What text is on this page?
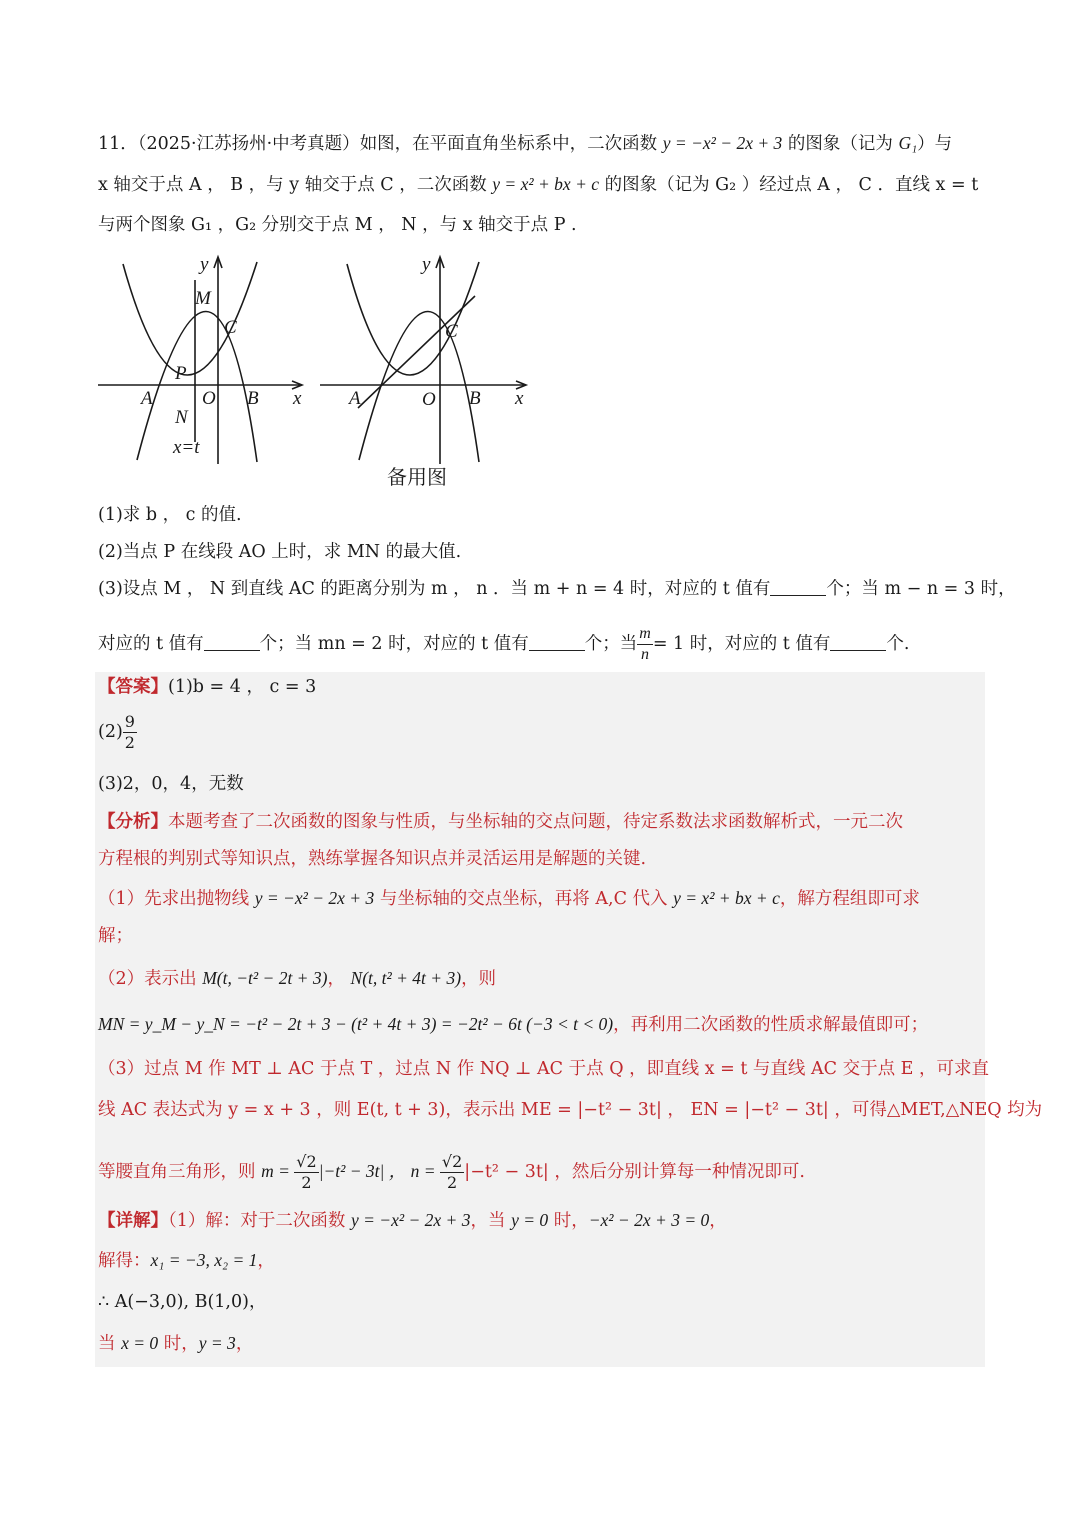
11．（2025·江苏扬州·中考真题）如图，在平面直角坐标系中，二次函数 y = −x² − 2x + 3 的图象（记为 G₁）与
x 轴交于点 A ， B ，与 y 轴交于点 C ，二次函数 y = x² + bx + c 的图象（记为 G₂ ）经过点 A ， C ．直线 x = t
与两个图象 G₁ ，G₂ 分别交于点 M ， N ，与 x 轴交于点 P .
y
x
M
C
P
A	O B
N
x=t
y
x
C
A	O B
备用图
(1)求 b ， c 的值.
(2)当点 P 在线段 AO 上时，求 MN 的最大值.
(3)设点 M ， N 到直线 AC 的距离分别为 m ， n ．当 m + n = 4 时，对应的 t 值有	个；当 m − n = 3 时，
对应的 t 值有	个；当 mn = 2 时，对应的 t 值有	个；当 $\frac{m}{n} = 1$ 时，对应的 t 值有	个.
【答案】(1)b = 4 ， c = 3
$(2) \frac{9}{2}$
(3)2，0，4，无数
【分析】本题考查了二次函数的图象与性质，与坐标轴的交点问题，待定系数法求函数解析式，一元二次
方程根的判别式等知识点，熟练掌握各知识点并灵活运用是解题的关键.
（1）先求出抛物线 y = −x² − 2x + 3 与坐标轴的交点坐标，再将 A,C 代入 y = x² + bx + c，解方程组即可求
解；
（2）表示出 M(t, −t² − 2t + 3)， N(t, t² + 4t + 3)，则
MN = y_M − y_N = −t² − 2t + 3 − (t² + 4t + 3) = −2t² − 6t (−3 < t < 0)，再利用二次函数的性质求解最值即可；
（3）过点 M 作 MT ⊥ AC 于点 T ，过点 N 作 NQ ⊥ AC 于点 Q ，即直线 x = t 与直线 AC 交于点 E ，可求直
线 AC 表达式为 y = x + 3 ，则 E(t, t + 3)，表示出 ME = |−t² − 3t| ， EN = |−t² − 3t| ，可得△MET,△NEQ 均为
等腰直角三角形，则 $m = \frac{√2}{2} |-t^2 - 3t|$ ， $n = \frac{√2}{2} |-t^2 - 3t|$ ，然后分别计算每一种情况即可.
【详解】（1）解：对于二次函数 y = −x² − 2x + 3，当 y = 0 时，−x² − 2x + 3 = 0，
解得：x₁ = −3, x₂ = 1，
∴ A(−3,0), B(1,0)，
当 x = 0 时，y = 3，
